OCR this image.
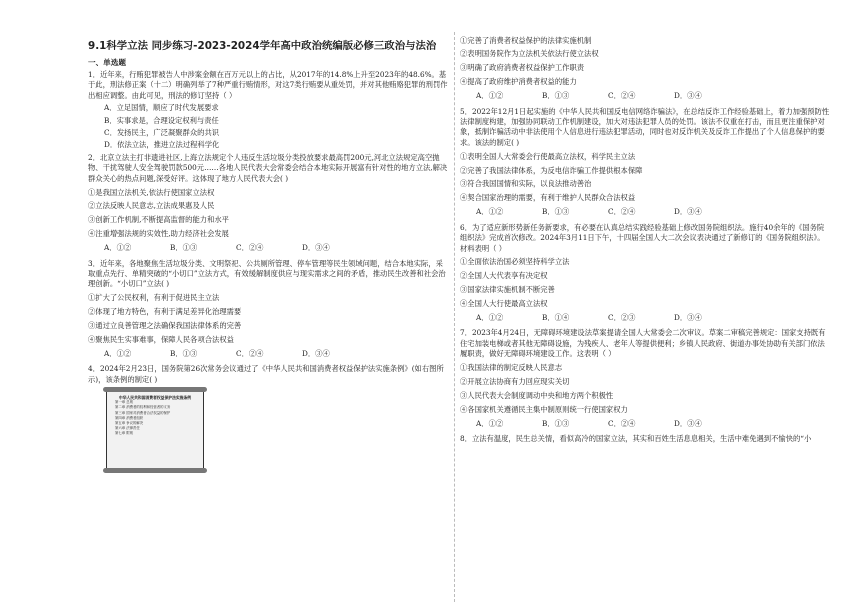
9.1科学立法 同步练习-2023-2024学年高中政治统编版必修三政治与法治
一、单选题

1．近年来，行贿犯罪被告人中涉案金额在百万元以上的占比，从2017年的14.8%上升至2023年的48.6%。基于此，刑法修正案（十二）明确列举了7种严重行贿情形，对这7类行贿要从重处罚，并对其他贿赂犯罪的刑罚作出相应调整。由此可见，刑法的修订坚持（ ）

A．立足国情，顺应了时代发展要求

B．实事求是，合理设定权利与责任

C．发扬民主，广泛凝聚群众的共识

D．依法立法，推进立法过程科学化

2．北京立法主打非遗进社区,上海立法规定个人违反生活垃圾分类投放要求最高罚200元,河北立法规定高空抛物、干扰驾驶人安全驾驶罚款500元……各地人民代表大会常委会结合本地实际开展富有针对性的地方立法,解决群众关心的热点问题,深受好评。这体现了地方人民代表大会( )

①是我国立法机关,依法行使国家立法权

②立法反映人民意志,立法成果惠及人民

③创新工作机制,不断提高监督的能力和水平

④注重增强法规的实效性,助力经济社会发展

A．①②	B．①③	C．②④	D．③④

3．近年来，各地聚焦生活垃圾分类、文明祭祀、公共厕所管理、停车管理等民生领域问题，结合本地实际，采取重点先行、单精突破的“小切口”立法方式，有效缓解制度供应与现实需求之间的矛盾，推动民生改善和社会治理创新。“小切口”立法( )

①扩大了公民权利，有利于促进民主立法

②体现了地方特色，有利于满足差异化治理需要

③通过立良善管理之法确保我国法律体系的完善

④聚焦民生实事难事，保障人民各项合法权益

A．①②	B．①③	C．②④	D．③④

4．2024年2月23日，国务院第26次常务会议通过了《中华人民共和国消费者权益保护法实施条例》(如右图所示)，该条例的制定( )

中华人民共和国消费者权益保护法实施条例
第一章 总则
第二章 消费者的权利和经营者的义务
第三章 国家对消费者合法权益的保护
第四章 消费者组织
第五章 争议的解决
第六章 法律责任
第七章 附则

①完善了消费者权益保护的法律实施机制

②表明国务院作为立法机关依法行使立法权

③明确了政府消费者权益保护工作职责

④提高了政府维护消费者权益的能力

A．①②	B．①③	C．②④	D．③④

5．2022年12月1日起实施的《中华人民共和国反电信网络诈骗法》，在总结反诈工作经验基础上，着力加强预防性法律制度构建，加强协同联动工作机制建设，加大对违法犯罪人员的处罚。该法不仅重在打击，而且更注重保护对象，抵制诈骗活动中非法使用个人信息进行违法犯罪活动，同时也对反诈机关及反诈工作提出了个人信息保护的要求。该法的制定( )

①表明全国人大常委会行使最高立法权，科学民主立法

②完善了我国法律体系，为反电信诈骗工作提供根本保障

③符合我国国情和实际，以良法推动善治

④契合国家治理的需要，有利于维护人民群众合法权益

A．①②	B．①③	C．②④	D．③④

6．为了适应新形势新任务新要求，有必要在认真总结实践经验基础上修改国务院组织法。施行40余年的《国务院组织法》完成首次修改。2024年3月11日下午，十四届全国人大二次会议表决通过了新修订的《国务院组织法》。材料表明（ ）

①全面依法治国必须坚持科学立法

②全国人大代表享有决定权

③国家法律实施机制不断完善

④全国人大行使最高立法权

A．①②	B．①④	C．②③	D．③④

7．2023年4月24日，无障碍环境建设法草案提请全国人大常委会二次审议。草案二审稿完善规定：国家支持既有住宅加装电梯或者其他无障碍设施，为残疾人、老年人等提供便利；乡镇人民政府、街道办事处协助有关部门依法履职责，做好无障碍环境建设工作。这表明（ ）

①我国法律的制定反映人民意志

②开展立法协商有力回应现实关切

③人民代表大会制度调动中央和地方两个积极性

④各国家机关遵循民主集中制原则统一行使国家权力

A．①②	B．①③	C．②④	D．③④

8．立法有温度，民生总关情，看似高冷的国家立法，其实和百姓生活息息相关，生活中难免遇到不愉快的“小
